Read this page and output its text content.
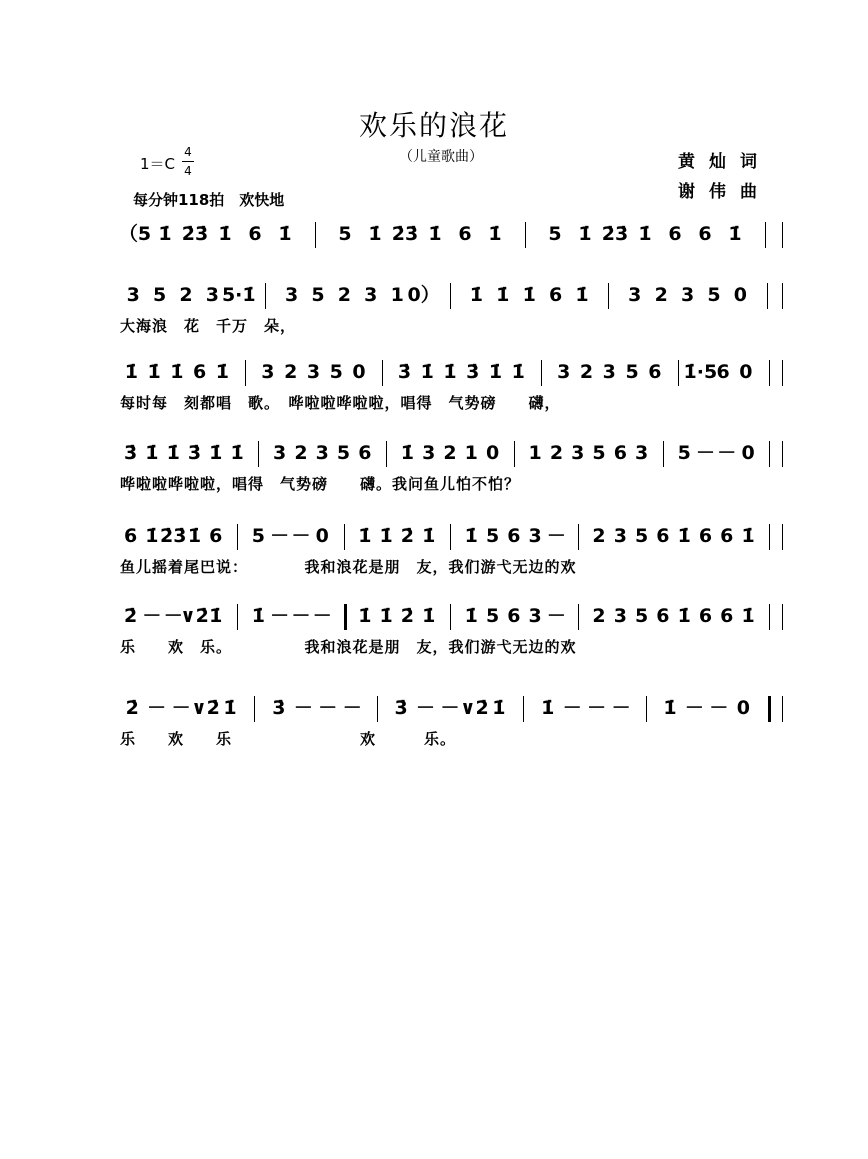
欢乐的浪花
（儿童歌曲）
1＝C
4
4
每分钟118拍　欢快地
黄灿词
谢伟曲
（5 1̇ 2̇3̇ 1̇ 6 1̇ 5 1̇ 2̇3̇ 1̇ 6 1̇ 5 1̇ 2̇3̇ 1̇ 6 6 1̇
3 5 2 3 5·1̇ 3 5 2 3 1 0） 1̇ 1̇ 1̇ 6 1̇ 3 2 3 5 0
大海浪　花　千万　朵，
1̇ 1̇ 1̇ 6 1̇ 3 2 3 5 0 3̇ 1̇ 1̇ 3̇ 1̇ 1̇ 3 2 3 5 6 1̇·5 6 0
每时每　刻都唱　歌。　哗啦啦哗啦啦，唱得　气势磅　　礴，
3̇ 1̇ 1̇ 3̇ 1̇ 1̇ 3 2 3 5 6 1̇ 3 2 1 0 1 2 3 5 6 3 5 － － 0
哗啦啦哗啦啦，唱得　气势磅　　礴。我问鱼儿怕不怕？
6 1̇ 2̇3̇ 1̇ 6 5 － － 0 1̇ 1̇ 2̇ 1̇ 1̇ 5 6 3 － 2 3 5 6 1̇ 6 6 1̇
鱼儿摇着尾巴说：　　　　我和浪花是朋　友，我们游弋无边的欢
2̇ － －
∨2̇ 1̇ 1̇ － － － 1̇ 1̇ 2̇ 1̇ 1̇ 5 6 3 － 2 3 5 6 1̇ 6 6 1̇
乐　　欢　乐。　　　　　我和浪花是朋　友，我们游弋无边的欢
2̇ － － ∨2̇ 1̇ 3̇ － － － 3̇ － － ∨2̇ 1̇ 1̇ － － － 1̇ － － 0
乐　　欢　　乐　　　　　　　　欢　　　乐。
